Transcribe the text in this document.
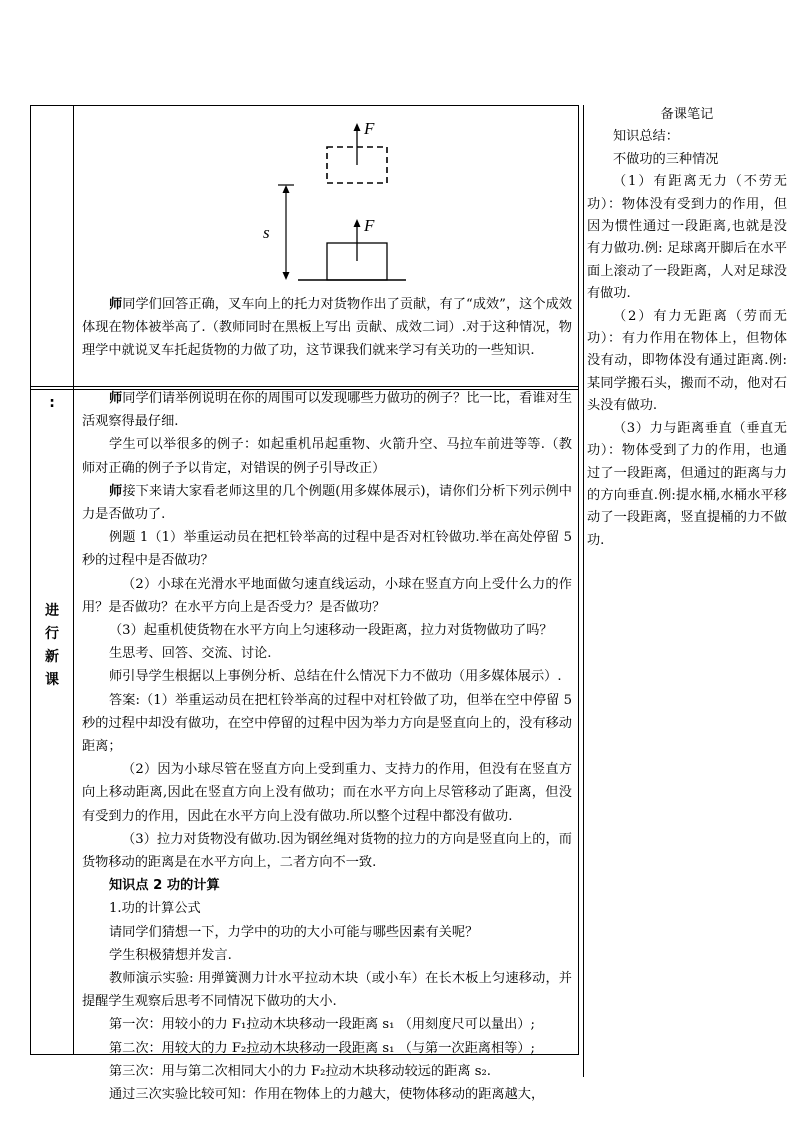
F
F
s

师同学们回答正确，叉车向上的托力对货物作出了贡献，有了“成效”，这个成效体现在物体被举高了.（教师同时在黑板上写出 贡献、成效二词）.对于这种情况，物理学中就说叉车托起货物的力做了功，这节课我们就来学习有关功的一些知识.

:
进
行
新
课

师同学们请举例说明在你的周围可以发现哪些力做功的例子？比一比，看谁对生活观察得最仔细.

学生可以举很多的例子：如起重机吊起重物、火箭升空、马拉车前进等等.（教师对正确的例子予以肯定，对错误的例子引导改正）

师接下来请大家看老师这里的几个例题(用多媒体展示)，请你们分析下列示例中力是否做功了.

例题 1（1）举重运动员在把杠铃举高的过程中是否对杠铃做功.举在高处停留 5 秒的过程中是否做功？

（2）小球在光滑水平地面做匀速直线运动，小球在竖直方向上受什么力的作用？是否做功？在水平方向上是否受力？是否做功？

（3）起重机使货物在水平方向上匀速移动一段距离，拉力对货物做功了吗？

生思考、回答、交流、讨论.

师引导学生根据以上事例分析、总结在什么情况下力不做功（用多媒体展示）.

答案:（1）举重运动员在把杠铃举高的过程中对杠铃做了功，但举在空中停留 5 秒的过程中却没有做功，在空中停留的过程中因为举力方向是竖直向上的，没有移动距离；

（2）因为小球尽管在竖直方向上受到重力、支持力的作用，但没有在竖直方向上移动距离,因此在竖直方向上没有做功；而在水平方向上尽管移动了距离，但没有受到力的作用，因此在水平方向上没有做功.所以整个过程中都没有做功.

（3）拉力对货物没有做功.因为钢丝绳对货物的拉力的方向是竖直向上的，而货物移动的距离是在水平方向上，二者方向不一致.

知识点 2 功的计算

1.功的计算公式

请同学们猜想一下，力学中的功的大小可能与哪些因素有关呢？

学生积极猜想并发言.

教师演示实验: 用弹簧测力计水平拉动木块（或小车）在长木板上匀速移动，并提醒学生观察后思考不同情况下做功的大小.

第一次：用较小的力 F₁拉动木块移动一段距离 s₁ （用刻度尺可以量出）;

第二次：用较大的力 F₂拉动木块移动一段距离 s₁ （与第一次距离相等）;

第三次：用与第二次相同大小的力 F₂拉动木块移动较远的距离 s₂.

通过三次实验比较可知：作用在物体上的力越大，使物体移动的距离越大，

备课笔记

知识总结：

不做功的三种情况

（1）有距离无力（不劳无功）：物体没有受到力的作用，但因为惯性通过一段距离,也就是没有力做功.例: 足球离开脚后在水平面上滚动了一段距离，人对足球没有做功.

（2）有力无距离（劳而无功）：有力作用在物体上，但物体没有动，即物体没有通过距离.例: 某同学搬石头，搬而不动，他对石头没有做功.

（3）力与距离垂直（垂直无功）：物体受到了力的作用，也通过了一段距离，但通过的距离与力的方向垂直.例:提水桶,水桶水平移动了一段距离，竖直提桶的力不做功.
